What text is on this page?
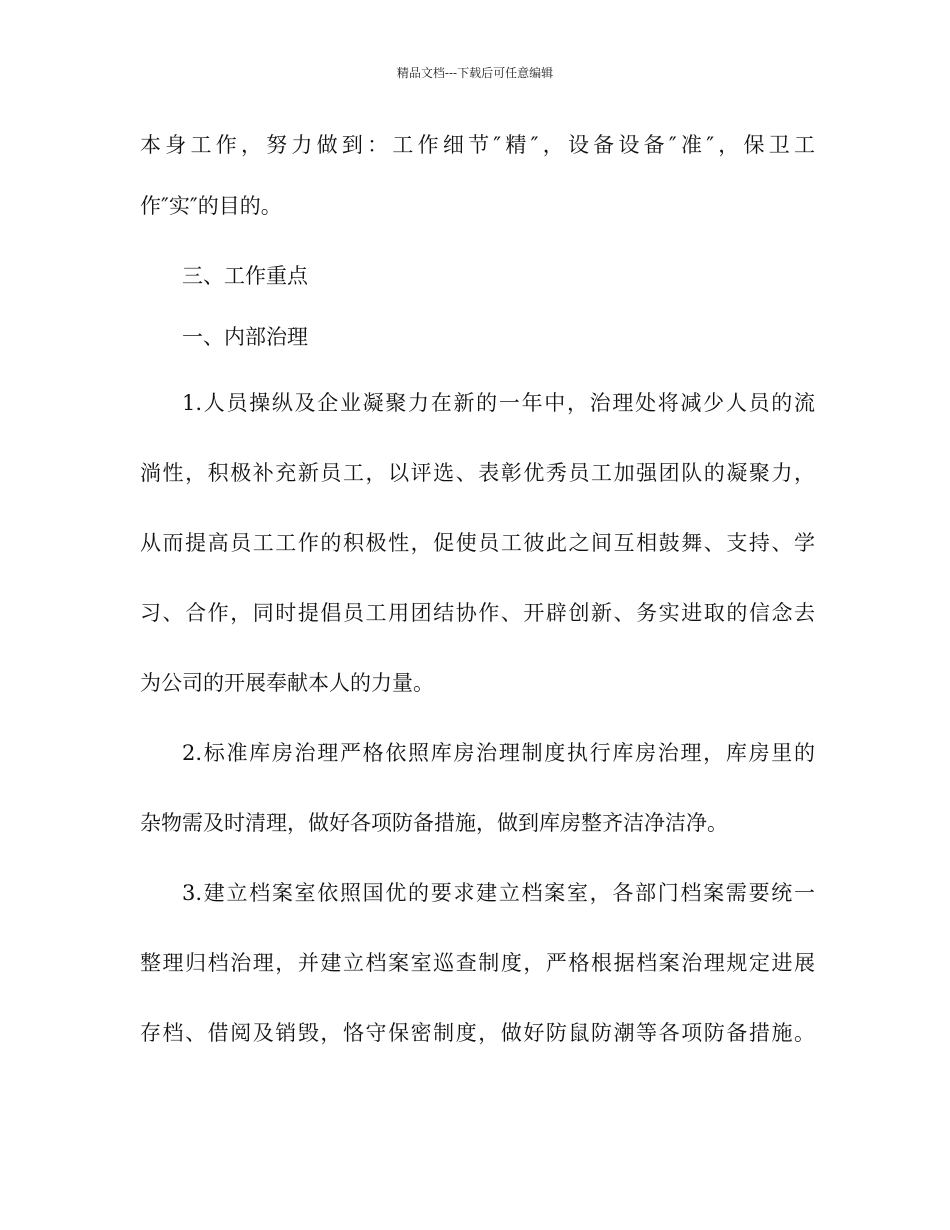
精品文档---下载后可任意编辑
本身工作，努力做到：工作细节″精″，设备设备″准″，保卫工
作″实″的目的。
三、工作重点
一、内部治理
1.人员操纵及企业凝聚力在新的一年中，治理处将减少人员的流
淌性，积极补充新员工，以评选、表彰优秀员工加强团队的凝聚力，
从而提高员工工作的积极性，促使员工彼此之间互相鼓舞、支持、学
习、合作，同时提倡员工用团结协作、开辟创新、务实进取的信念去
为公司的开展奉献本人的力量。
2.标准库房治理严格依照库房治理制度执行库房治理，库房里的
杂物需及时清理，做好各项防备措施，做到库房整齐洁净洁净。
3.建立档案室依照国优的要求建立档案室，各部门档案需要统一
整理归档治理，并建立档案室巡查制度，严格根据档案治理规定进展
存档、借阅及销毁，恪守保密制度，做好防鼠防潮等各项防备措施。
